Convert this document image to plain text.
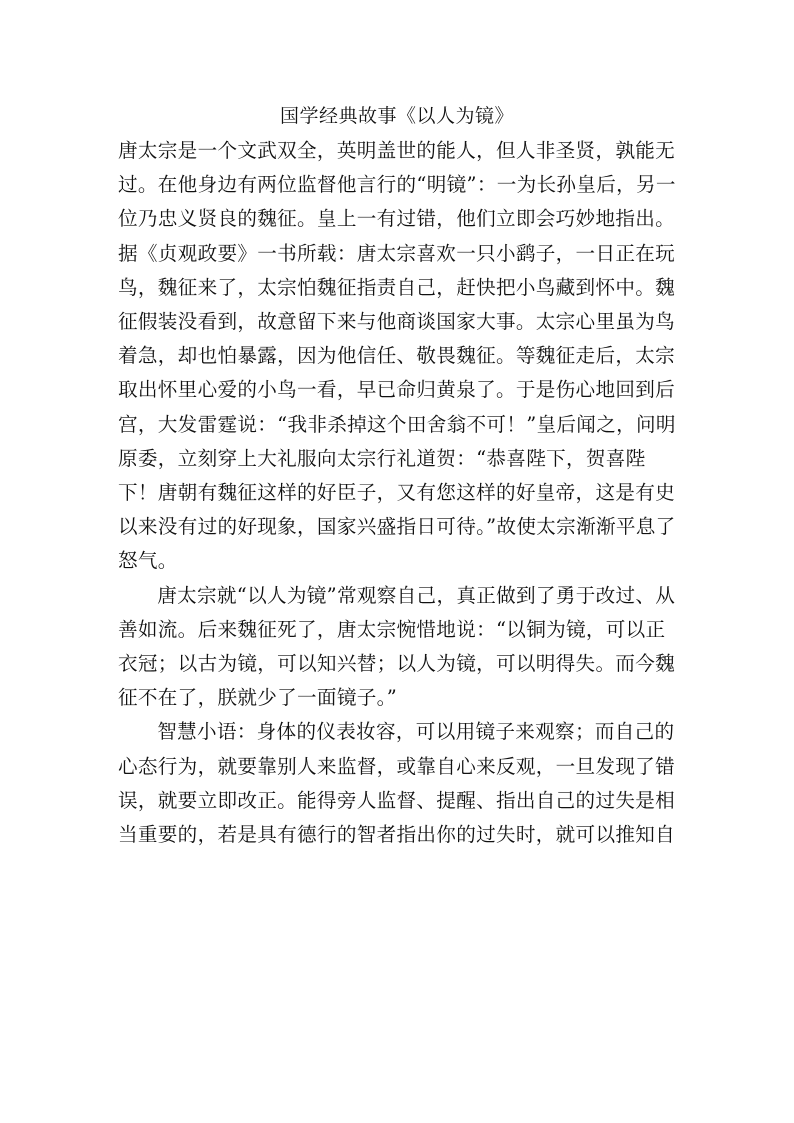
国学经典故事《以人为镜》

唐太宗是一个文武双全，英明盖世的能人，但人非圣贤，孰能无过。在他身边有两位监督他言行的“明镜”：一为长孙皇后，另一位乃忠义贤良的魏征。皇上一有过错，他们立即会巧妙地指出。据《贞观政要》一书所载：唐太宗喜欢一只小鹞子，一日正在玩鸟，魏征来了，太宗怕魏征指责自己，赶快把小鸟藏到怀中。魏征假装没看到，故意留下来与他商谈国家大事。太宗心里虽为鸟着急，却也怕暴露，因为他信任、敬畏魏征。等魏征走后，太宗取出怀里心爱的小鸟一看，早已命归黄泉了。于是伤心地回到后宫，大发雷霆说：“我非杀掉这个田舍翁不可！”皇后闻之，问明原委，立刻穿上大礼服向太宗行礼道贺：“恭喜陛下，贺喜陛下！唐朝有魏征这样的好臣子，又有您这样的好皇帝，这是有史以来没有过的好现象，国家兴盛指日可待。”故使太宗渐渐平息了怒气。

唐太宗就“以人为镜”常观察自己，真正做到了勇于改过、从善如流。后来魏征死了，唐太宗惋惜地说：“以铜为镜，可以正衣冠；以古为镜，可以知兴替；以人为镜，可以明得失。而今魏征不在了，朕就少了一面镜子。”

智慧小语：身体的仪表妆容，可以用镜子来观察；而自己的心态行为，就要靠别人来监督，或靠自心来反观，一旦发现了错误，就要立即改正。能得旁人监督、提醒、指出自己的过失是相当重要的，若是具有德行的智者指出你的过失时，就可以推知自
